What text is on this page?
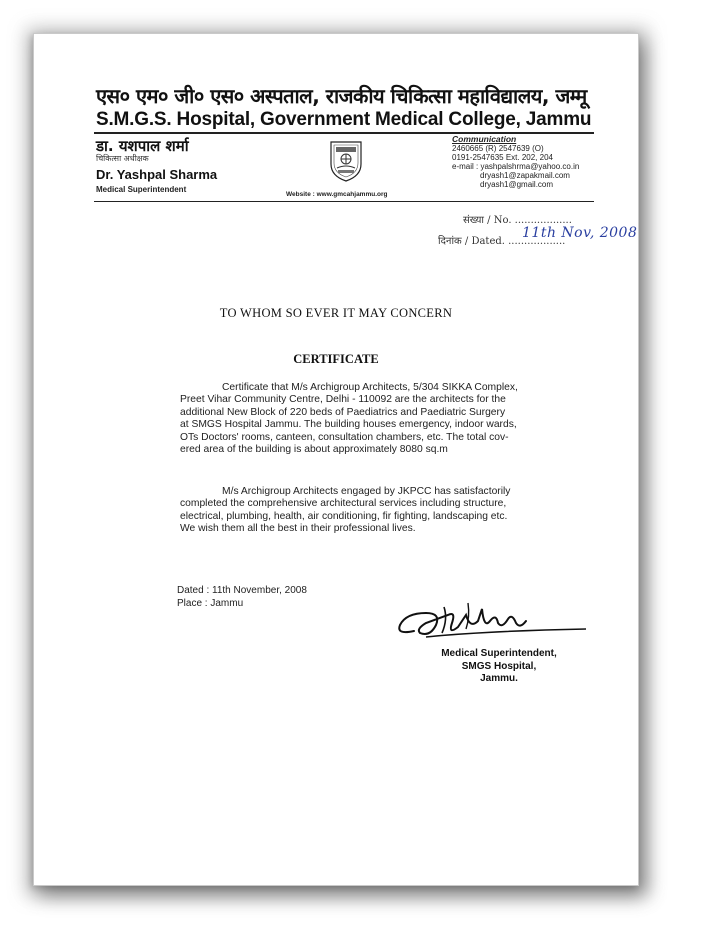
एस० एम० जी० एस० अस्पताल, राजकीय चिकित्सा महाविद्यालय, जम्मू
S.M.G.S. Hospital, Government Medical College, Jammu
डा. यशपाल शर्मा
चिकित्सा अधीक्षक
Dr. Yashpal Sharma
Medical Superintendent
Website : www.gmcahjammu.org
Communication
2460665 (R) 2547639 (O)
0191-2547635 Ext. 202, 204
e-mail : yashpalshrma@yahoo.co.in
dryash1@zapakmail.com
dryash1@gmail.com
संख्या / No. ..................
दिनांक / Dated. ..................
11th Nov, 2008
TO WHOM SO EVER IT MAY CONCERN
CERTIFICATE
Certificate that M/s Archigroup Architects, 5/304 SIKKA Complex,
Preet Vihar Community Centre, Delhi - 110092 are the architects for the
additional New Block of 220 beds of Paediatrics and Paediatric Surgery
at SMGS Hospital Jammu. The building houses emergency, indoor wards,
OTs Doctors' rooms, canteen, consultation chambers, etc. The total cov-
ered area of the building is about approximately 8080 sq.m
M/s Archigroup Architects engaged by JKPCC has satisfactorily
completed the comprehensive architectural services including structure,
electrical, plumbing, health, air conditioning, fir fighting, landscaping etc.
We wish them all the best in their professional lives.
Dated : 11th November, 2008
Place : Jammu
Medical Superintendent,
SMGS Hospital,
Jammu.
